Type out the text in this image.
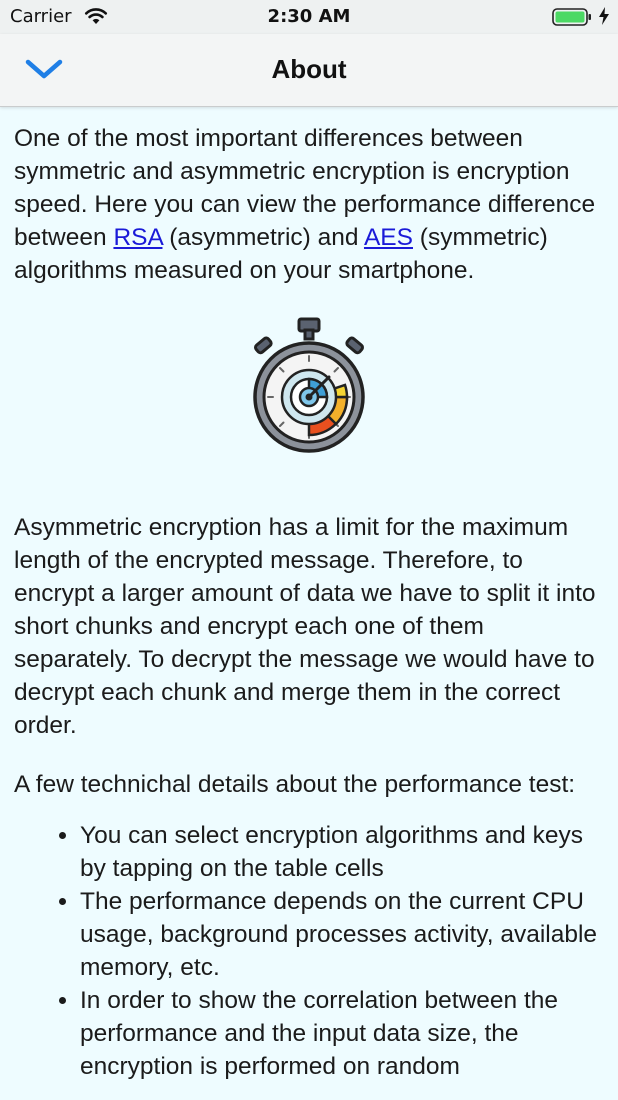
Carrier	2:30 AM
About

One of the most important differences between symmetric and asymmetric encryption is encryption speed. Here you can view the performance difference between RSA (asymmetric) and AES (symmetric) algorithms measured on your smartphone.

Asymmetric encryption has a limit for the maximum length of the encrypted message. Therefore, to encrypt a larger amount of data we have to split it into short chunks and encrypt each one of them separately. To decrypt the message we would have to decrypt each chunk and merge them in the correct order.

A few technichal details about the performance test:

• You can select encryption algorithms and keys by tapping on the table cells
• The performance depends on the current CPU usage, background processes activity, available memory, etc.
• In order to show the correlation between the performance and the input data size, the encryption is performed on random
